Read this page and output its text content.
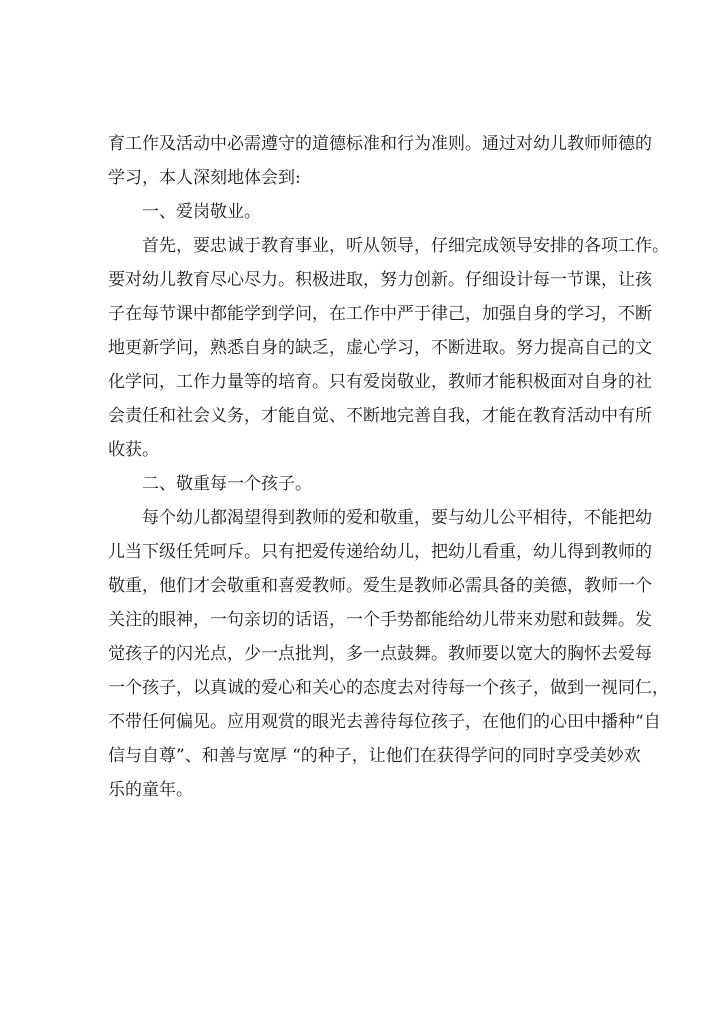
育工作及活动中必需遵守的道德标准和行为准则。通过对幼儿教师师德的
学习，本人深刻地体会到:
一、爱岗敬业。
首先，要忠诚于教育事业，听从领导，仔细完成领导安排的各项工作。
要对幼儿教育尽心尽力。积极进取，努力创新。仔细设计每一节课，让孩
子在每节课中都能学到学问，在工作中严于律己，加强自身的学习，不断
地更新学问，熟悉自身的缺乏，虚心学习，不断进取。努力提高自己的文
化学问，工作力量等的培育。只有爱岗敬业，教师才能积极面对自身的社
会责任和社会义务，才能自觉、不断地完善自我，才能在教育活动中有所
收获。
二、敬重每一个孩子。
每个幼儿都渴望得到教师的爱和敬重，要与幼儿公平相待，不能把幼
儿当下级任凭呵斥。只有把爱传递给幼儿，把幼儿看重，幼儿得到教师的
敬重，他们才会敬重和喜爱教师。爱生是教师必需具备的美德，教师一个
关注的眼神，一句亲切的话语，一个手势都能给幼儿带来劝慰和鼓舞。发
觉孩子的闪光点，少一点批判，多一点鼓舞。教师要以宽大的胸怀去爱每
一个孩子，以真诚的爱心和关心的态度去对待每一个孩子，做到一视同仁，
不带任何偏见。应用观赏的眼光去善待每位孩子，在他们的心田中播种“自
信与自尊”、和善与宽厚 “的种子，让他们在获得学问的同时享受美妙欢
乐的童年。
